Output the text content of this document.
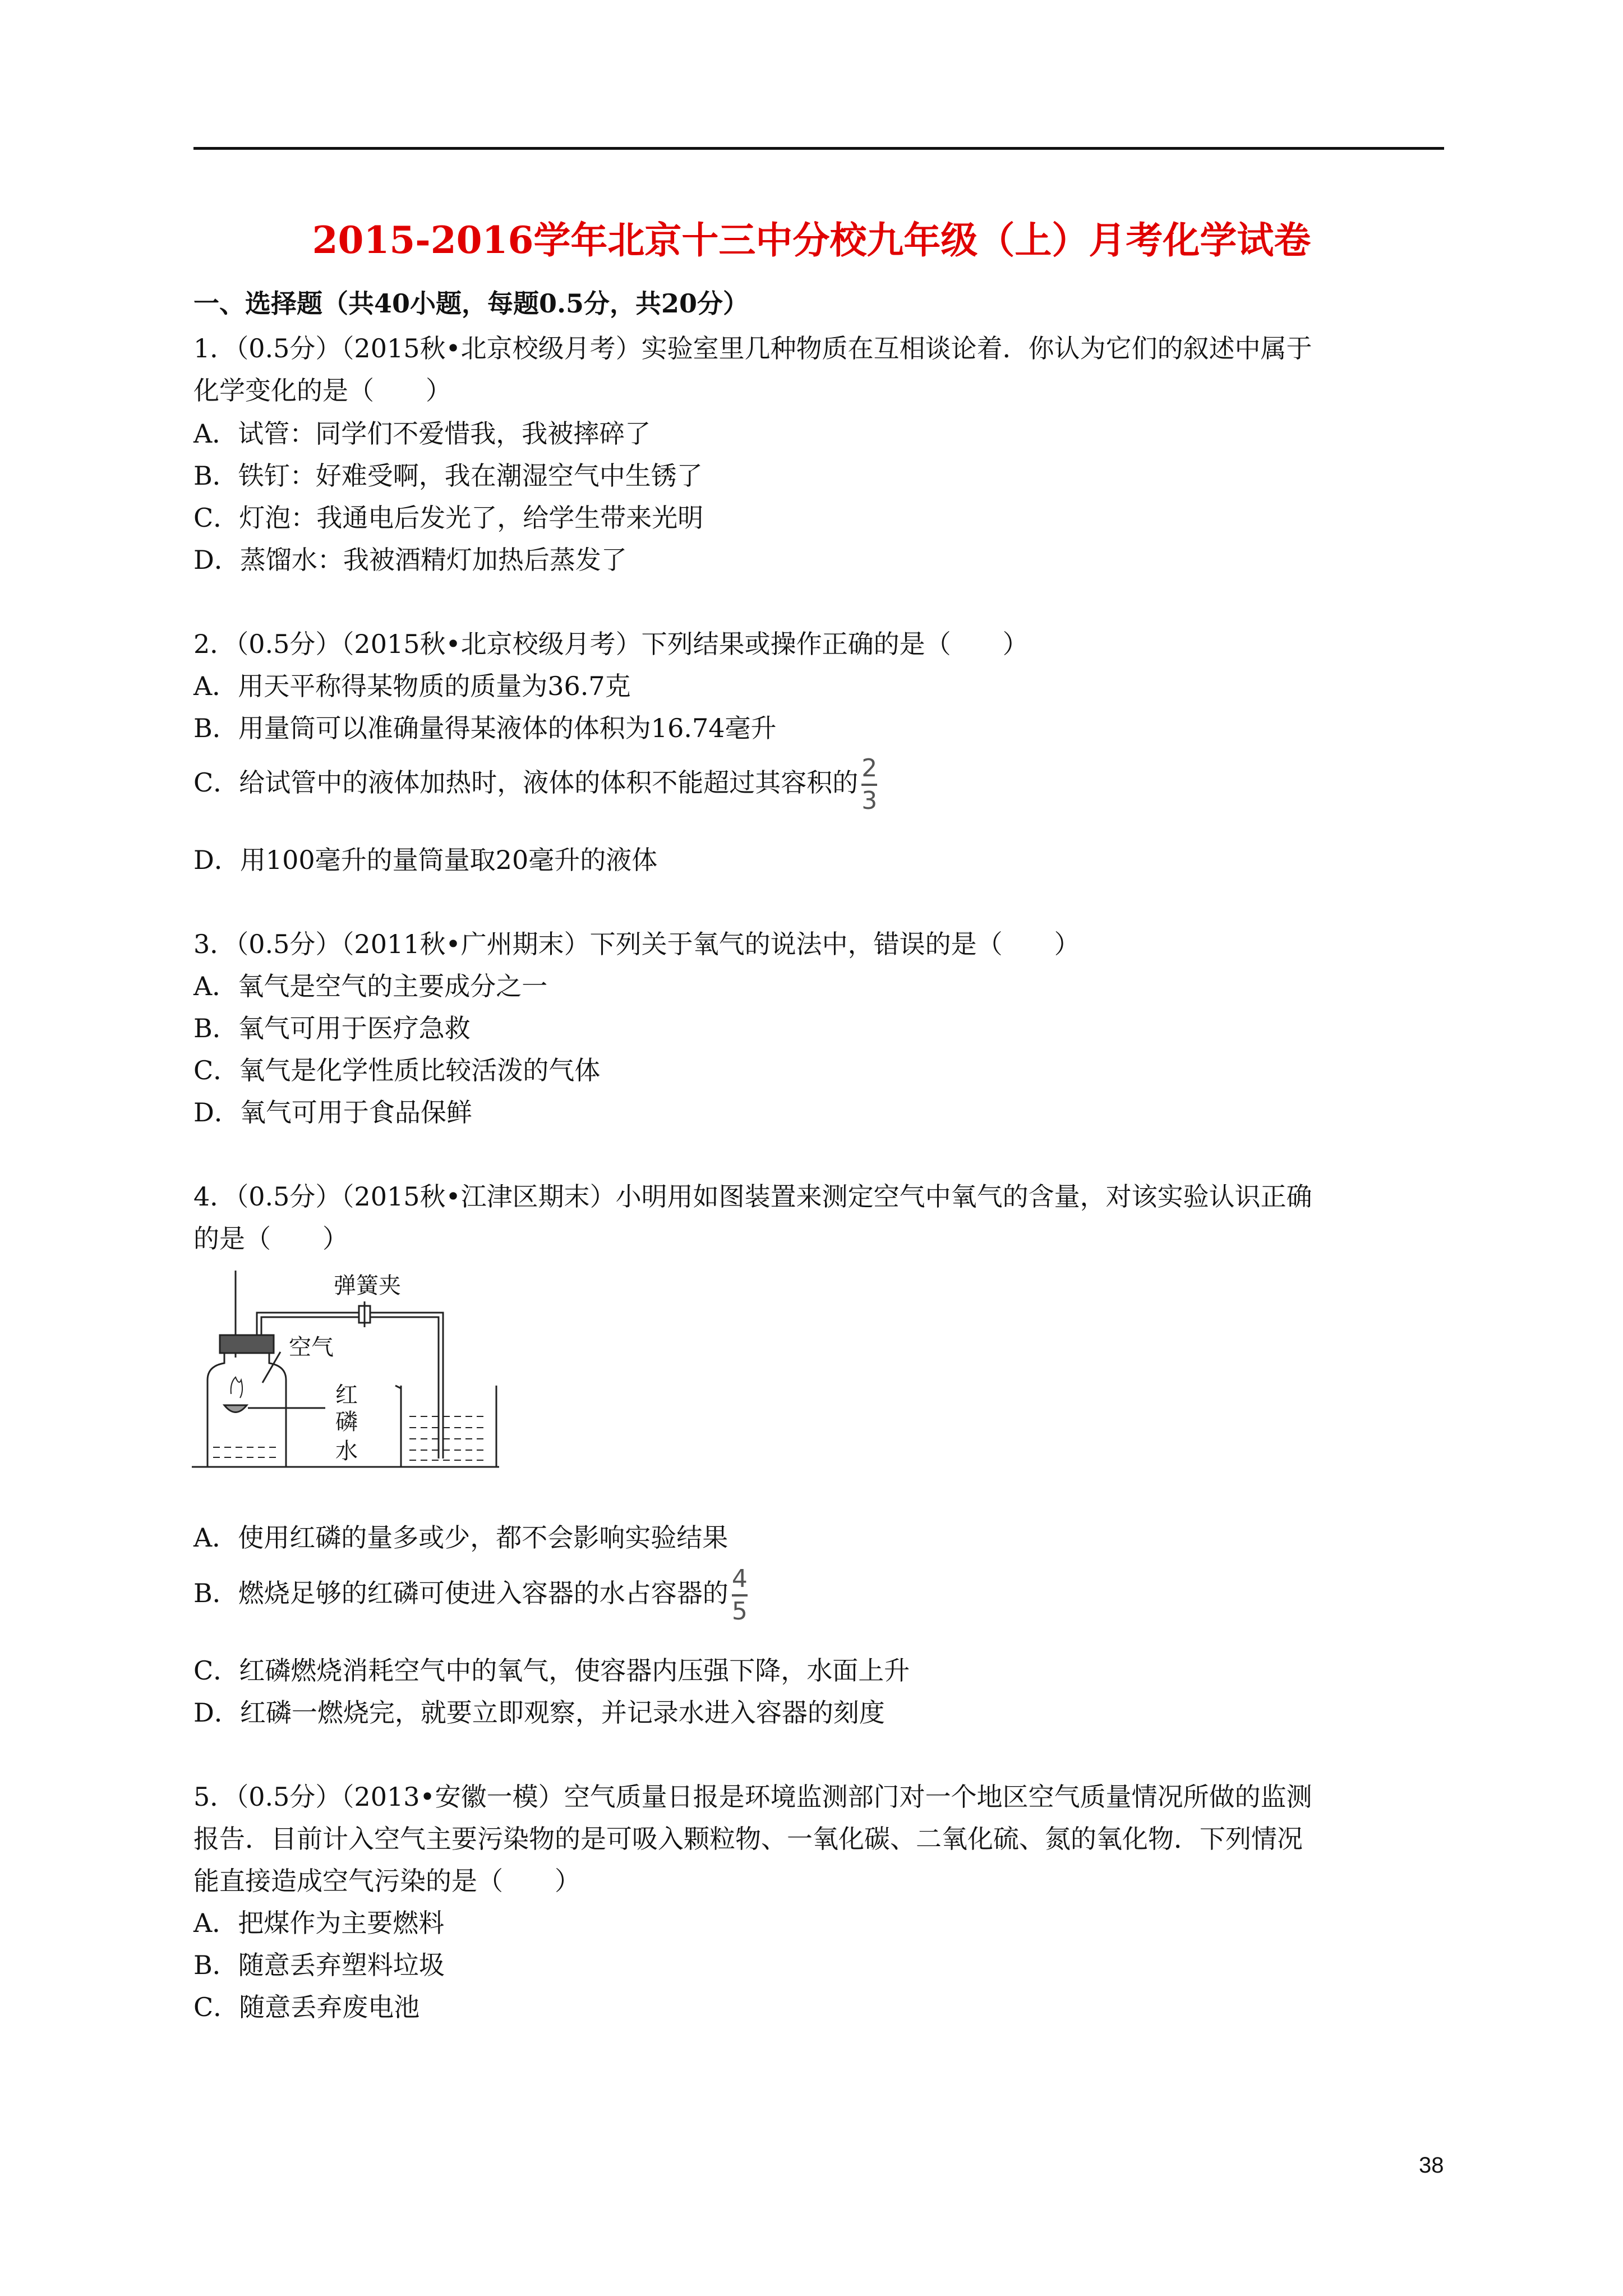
2015-2016学年北京十三中分校九年级（上）月考化学试卷
一、选择题（共40小题，每题0.5分，共20分）
1．（0.5分）（2015秋•北京校级月考）实验室里几种物质在互相谈论着．你认为它们的叙述中属于
化学变化的是（　　）
A．试管：同学们不爱惜我，我被摔碎了
B．铁钉：好难受啊，我在潮湿空气中生锈了
C．灯泡：我通电后发光了，给学生带来光明
D．蒸馏水：我被酒精灯加热后蒸发了
2．（0.5分）（2015秋•北京校级月考）下列结果或操作正确的是（　　）
A．用天平称得某物质的质量为36.7克
B．用量筒可以准确量得某液体的体积为16.74毫升
C．给试管中的液体加热时，液体的体积不能超过其容积的 $\frac{2}{3}$
D．用100毫升的量筒量取20毫升的液体
3．（0.5分）（2011秋•广州期末）下列关于氧气的说法中，错误的是（　　）
A．氧气是空气的主要成分之一
B．氧气可用于医疗急救
C．氧气是化学性质比较活泼的气体
D．氧气可用于食品保鲜
4．（0.5分）（2015秋•江津区期末）小明用如图装置来测定空气中氧气的含量，对该实验认识正确
的是（　　）
弹簧夹
空气
红
磷
水
A．使用红磷的量多或少，都不会影响实验结果
B．燃烧足够的红磷可使进入容器的水占容器的 $\frac{4}{5}$
C．红磷燃烧消耗空气中的氧气，使容器内压强下降，水面上升
D．红磷一燃烧完，就要立即观察，并记录水进入容器的刻度
5．（0.5分）（2013•安徽一模）空气质量日报是环境监测部门对一个地区空气质量情况所做的监测
报告．目前计入空气主要污染物的是可吸入颗粒物、一氧化碳、二氧化硫、氮的氧化物．下列情况
能直接造成空气污染的是（　　）
A．把煤作为主要燃料
B．随意丢弃塑料垃圾
C．随意丢弃废电池
38
